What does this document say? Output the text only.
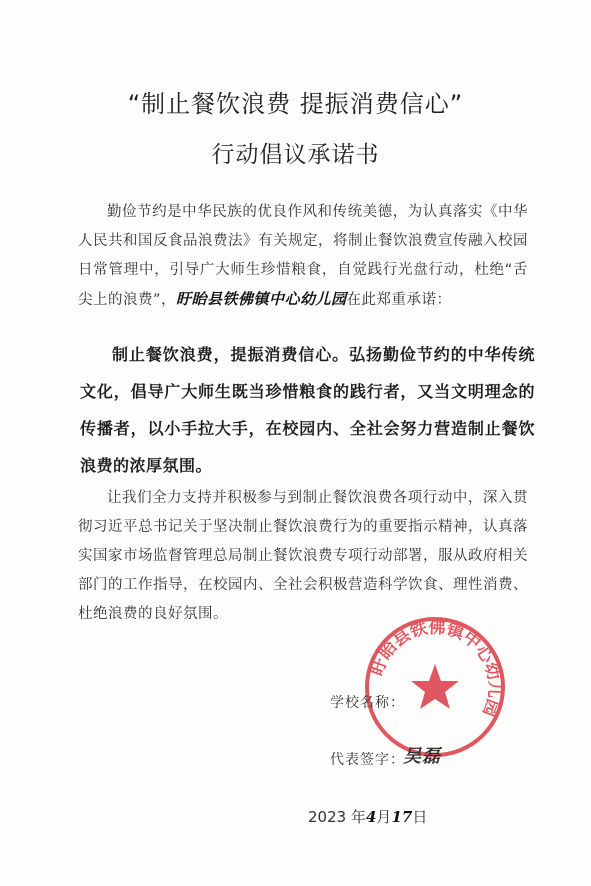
“制止餐饮浪费 提振消费信心”
行动倡议承诺书

勤俭节约是中华民族的优良作风和传统美德，为认真落实《中华人民共和国反食品浪费法》有关规定，将制止餐饮浪费宣传融入校园日常管理中，引导广大师生珍惜粮食，自觉践行光盘行动，杜绝“舌尖上的浪费”，盱眙县铁佛镇中心幼儿园在此郑重承诺：

制止餐饮浪费，提振消费信心。弘扬勤俭节约的中华传统文化，倡导广大师生既当珍惜粮食的践行者，又当文明理念的传播者，以小手拉大手，在校园内、全社会努力营造制止餐饮浪费的浓厚氛围。

让我们全力支持并积极参与到制止餐饮浪费各项行动中，深入贯彻习近平总书记关于坚决制止餐饮浪费行为的重要指示精神，认真落实国家市场监督管理总局制止餐饮浪费专项行动部署，服从政府相关部门的工作指导，在校园内、全社会积极营造科学饮食、理性消费、杜绝浪费的良好氛围。

盱眙县铁佛镇中心幼儿园
学校名称：
代表签字：
吴磊
2023 年4月17日
